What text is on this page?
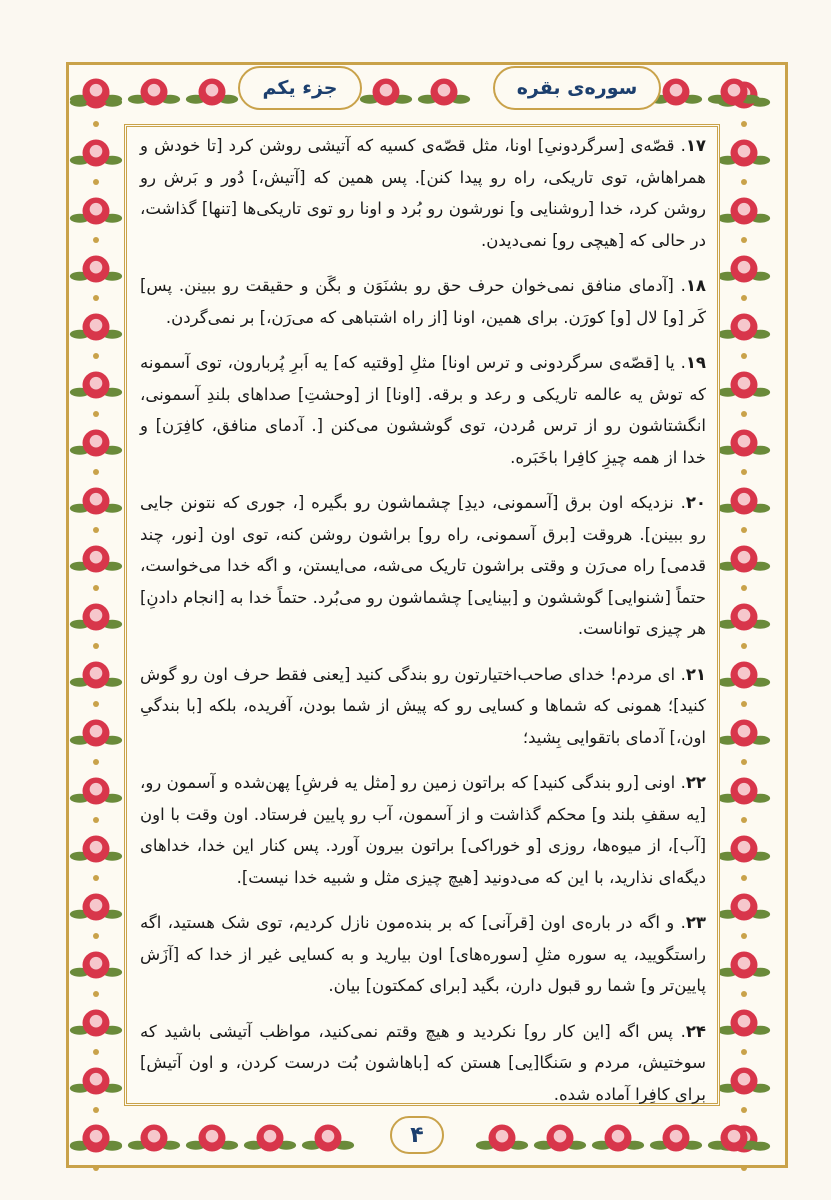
سوره‌ی بقره
جزء یکم

۱۷. قصّه‌ی [سرگردونیِ] اونا، مثل قصّه‌ی کسیه که آتیشی روشن کرد [تا خودش و همراهاش، توی تاریکی، راه رو پیدا کنن]. پس همین که [آتیش،] دُور و بَرش رو روشن کرد، خدا [روشنایی و] نورشون رو بُرد و اونا رو توی تاریکی‌ها [تنها] گذاشت، در حالی که [هیچی رو] نمی‌دیدن.

۱۸. [آدمای منافق نمی‌خوان حرف حق رو بشنَوَن و بگَن و حقیقت رو ببینن. پس] کَر [و] لال [و] کورَن. برای همین، اونا [از راه اشتباهی که می‌رَن،] بر نمی‌گردن.

۱۹. یا [قصّه‌ی سرگردونی و ترس اونا] مثلِ [وقتیه که] یه اَبرِ پُربارون، توی آسمونه که توش یه عالمه تاریکی و رعد و برقه. [اونا] از [وحشتِ] صداهای بلندِ آسمونی، انگشتاشون رو از ترس مُردن، توی گوششون می‌کنن [. آدمای منافق، کافِرَن] و خدا از همه چیزِ کافِرا باخَبَره.

۲۰. نزدیکه اون برق [آسمونی، دیدِ] چشماشون رو بگیره [، جوری که نتونن جایی رو ببینن]. هروقت [برق آسمونی، راه رو] براشون روشن کنه، توی اون [نور، چند قدمی] راه می‌رَن و وقتی براشون تاریک می‌شه، می‌ایستن، و اگه خدا می‌خواست، حتماً [شنوایی] گوششون و [بینایی] چشماشون رو می‌بُرد. حتماً خدا به [انجام دادنِ] هر چیزی تواناست.

۲۱. ای مردم! خدای صاحب‌اختیارتون رو بندگی کنید [یعنی فقط حرف اون رو گوش کنید]؛ همونی که شماها و کسایی رو که پیش از شما بودن، آفریده، بلکه [با بندگیِ اون،] آدمای باتقوایی بِشید؛

۲۲. اونی [رو بندگی کنید] که براتون زمین رو [مثل یه فرشِ] پهن‌شده و آسمون رو، [یه سقفِ بلند و] محکم گذاشت و از آسمون، آب رو پایین فرستاد. اون وقت با اون [آب]، از میوه‌ها، روزی [و خوراکی] براتون بیرون آورد. پس کنار این خدا، خداهای دیگه‌ای نذارید، با این که می‌دونید [هیچ چیزی مثل و شبیه خدا نیست].

۲۳. و اگه در باره‌ی اون [قرآنی] که بر بنده‌مون نازل کردیم، توی شک هستید، اگه راستگویید، یه سوره مثلِ [سوره‌های] اون بیارید و به کسایی غیر از خدا که [آزَش پایین‌تر و] شما رو قبول دارن، بگید [برای کمکتون] بیان.

۲۴. پس اگه [این کار رو] نکردید و هیچ وقتم نمی‌کنید، مواظب آتیشی باشید که سوختیش، مردم و سَنگا[یی] هستن که [باهاشون بُت درست کردن، و اون آتیش] برای کافِرا آماده شده.

۴
